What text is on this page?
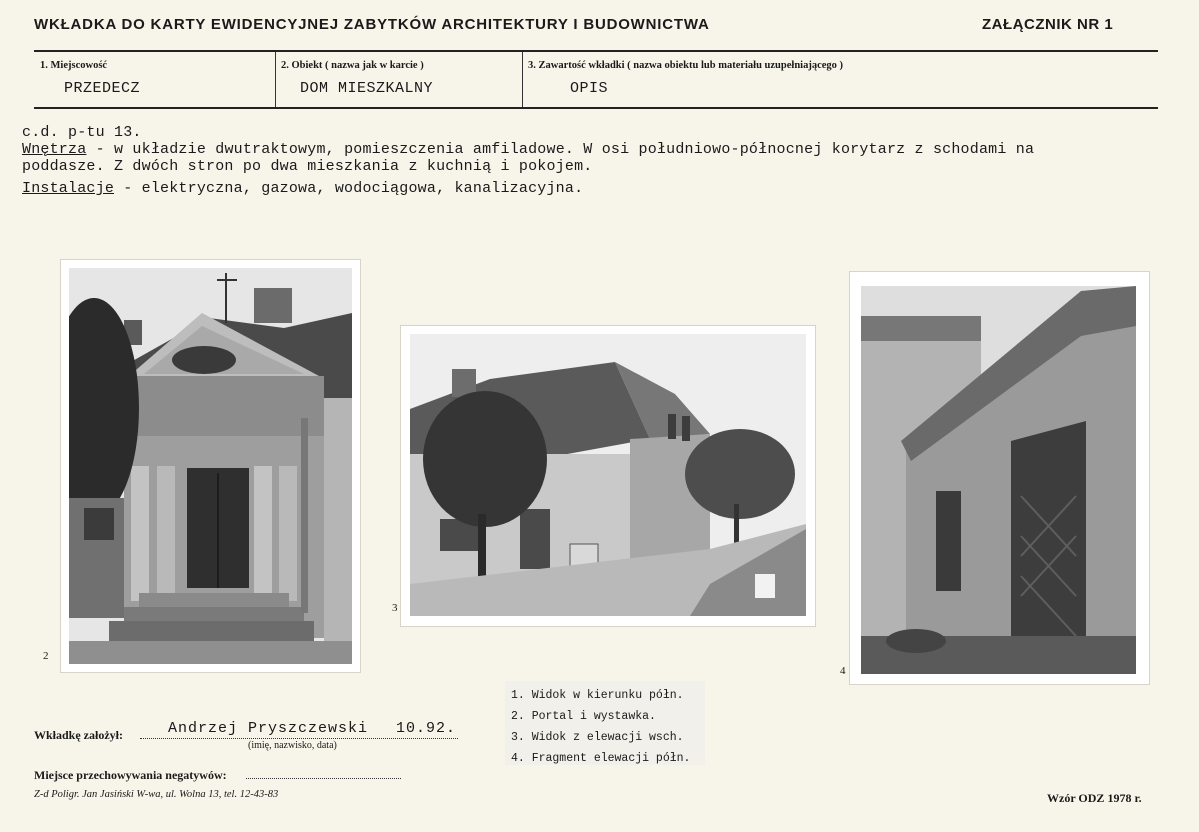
WKŁADKA DO KARTY EWIDENCYJNEJ ZABYTKÓW ARCHITEKTURY I BUDOWNICTWA	ZAŁĄCZNIK NR 1
1. Miejscowość
PRZEDECZ
2. Obiekt ( nazwa jak w karcie )
DOM MIESZKALNY
3. Zawartość wkładki ( nazwa obiektu lub materiału uzupełniającego )
OPIS
c.d. p-tu 13.
Wnętrza - w układzie dwutraktowym, pomieszczenia amfiladowe. W osi południowo-północnej korytarz z schodami na
poddasze. Z dwóch stron po dwa mieszkania z kuchnią i pokojem.
Instalacje - elektryczna, gazowa, wodociągowa, kanalizacyjna.
2
3
4
1. Widok w kierunku półn.
2. Portal i wystawka.
3. Widok z elewacji wsch.
4. Fragment elewacji półn.
Wkładkę założył:	Andrzej Pryszczewski 10.92.
(imię, nazwisko, data)
Miejsce przechowywania negatywów:
Z-d Poligr. Jan Jasiński W-wa, ul. Wolna 13, tel. 12-43-83	Wzór ODZ 1978 r.
